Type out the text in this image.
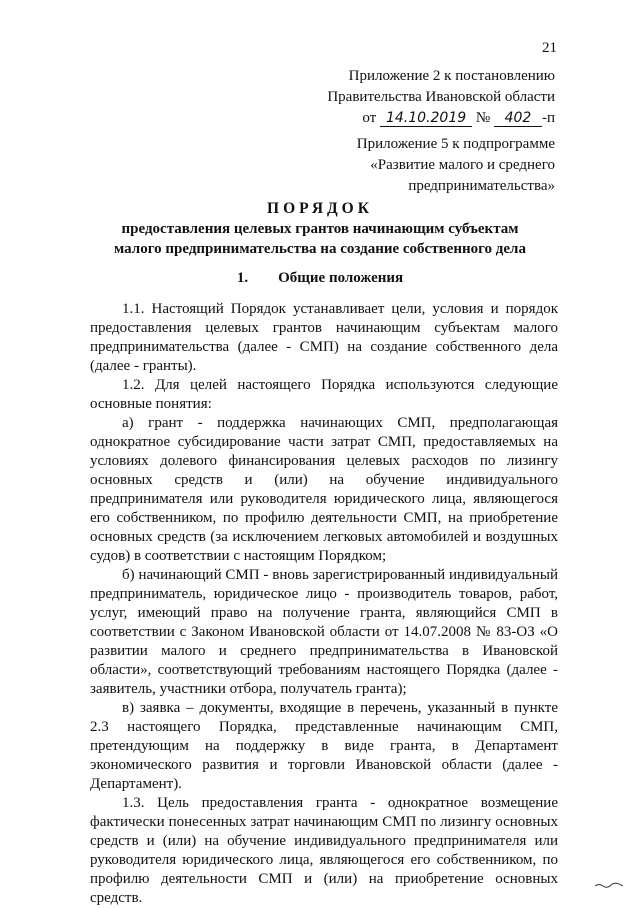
21
Приложение 2 к постановлению
Правительства Ивановской области
от 14.10.2019 № 402 -п
Приложение 5 к подпрограмме
«Развитие малого и среднего
предпринимательства»
ПОРЯДОК
предоставления целевых грантов начинающим субъектам
малого предпринимательства на создание собственного дела
1. Общие положения

1.1. Настоящий Порядок устанавливает цели, условия и порядок предоставления целевых грантов начинающим субъектам малого предпринимательства (далее - СМП) на создание собственного дела (далее - гранты).

1.2. Для целей настоящего Порядка используются следующие основные понятия:

а) грант - поддержка начинающих СМП, предполагающая однократное субсидирование части затрат СМП, предоставляемых на условиях долевого финансирования целевых расходов по лизингу основных средств и (или) на обучение индивидуального предпринимателя или руководителя юридического лица, являющегося его собственником, по профилю деятельности СМП, на приобретение основных средств (за исключением легковых автомобилей и воздушных судов) в соответствии с настоящим Порядком;

б) начинающий СМП - вновь зарегистрированный индивидуальный предприниматель, юридическое лицо - производитель товаров, работ, услуг, имеющий право на получение гранта, являющийся СМП в соответствии с Законом Ивановской области от 14.07.2008 № 83-ОЗ «О развитии малого и среднего предпринимательства в Ивановской области», соответствующий требованиям настоящего Порядка (далее - заявитель, участники отбора, получатель гранта);

в) заявка – документы, входящие в перечень, указанный в пункте 2.3 настоящего Порядка, представленные начинающим СМП, претендующим на поддержку в виде гранта, в Департамент экономического развития и торговли Ивановской области (далее - Департамент).

1.3. Цель предоставления гранта - однократное возмещение фактически понесенных затрат начинающим СМП по лизингу основных средств и (или) на обучение индивидуального предпринимателя или руководителя юридического лица, являющегося его собственником, по профилю деятельности СМП и (или) на приобретение основных средств.
